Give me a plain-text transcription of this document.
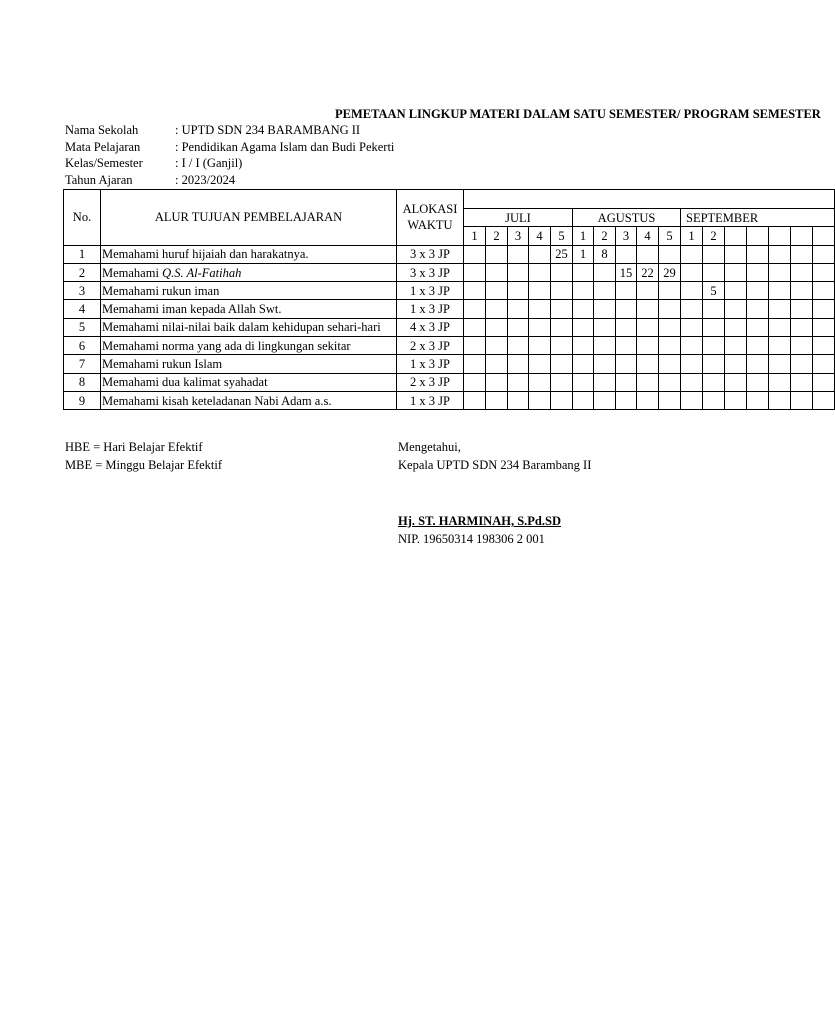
PEMETAAN LINGKUP MATERI DALAM SATU SEMESTER/ PROGRAM SEMESTER
Nama Sekolah	: UPTD SDN 234 BARAMBANG II
Mata Pelajaran	: Pendidikan Agama Islam dan Budi Pekerti
Kelas/Semester	: I / I (Ganjil)
Tahun Ajaran	: 2023/2024
No.	ALUR TUJUAN PEMBELAJARAN	ALOKASI
WAKTU																	
			JULI					AGUSTUS					SEPTEMBER						
			1	2	3	4	5	1	2	3	4	5	1	2					
1	Memahami huruf hijaiah dan harakatnya.	3 x 3 JP					25	1	8										
2	Memahami Q.S. Al-Fatihah	3 x 3 JP								15	22	29							
3	Memahami rukun iman	1 x 3 JP												5					
4	Memahami iman kepada Allah Swt.	1 x 3 JP																	
5	Memahami nilai-nilai baik dalam kehidupan sehari-hari	4 x 3 JP																	
6	Memahami norma yang ada di lingkungan sekitar	2 x 3 JP																	
7	Memahami rukun Islam	1 x 3 JP																	
8	Memahami dua kalimat syahadat	2 x 3 JP																	
9	Memahami kisah keteladanan Nabi Adam a.s.	1 x 3 JP																	
HBE = Hari Belajar Efektif
MBE = Minggu Belajar Efektif
Mengetahui,
Kepala UPTD SDN 234 Barambang II
Hj. ST. HARMINAH, S.Pd.SD
NIP. 19650314 198306 2 001
